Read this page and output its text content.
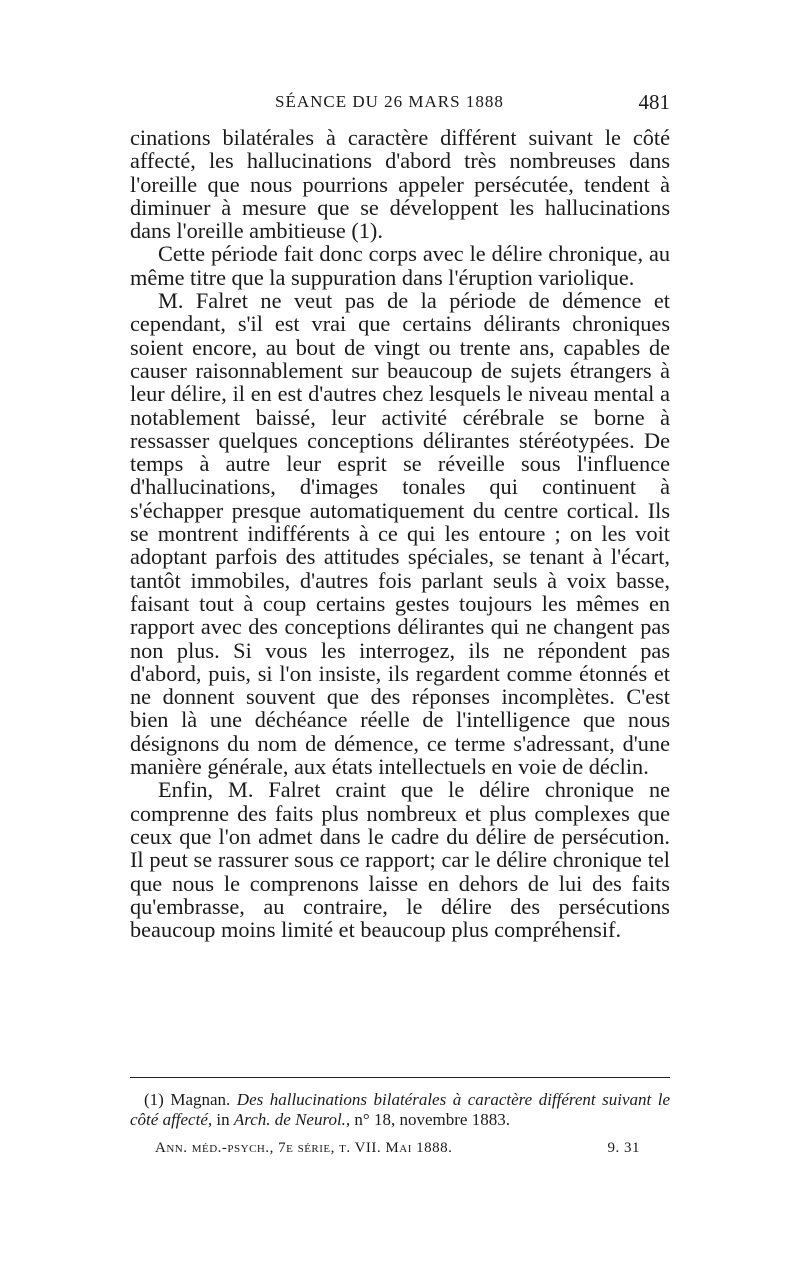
SÉANCE DU 26 MARS 1888	481

cinations bilatérales à caractère différent suivant le côté affecté, les hallucinations d'abord très nombreuses dans l'oreille que nous pourrions appeler persécutée, tendent à diminuer à mesure que se développent les hallucinations dans l'oreille ambitieuse (1).

Cette période fait donc corps avec le délire chronique, au même titre que la suppuration dans l'éruption variolique.

M. Falret ne veut pas de la période de démence et cependant, s'il est vrai que certains délirants chroniques soient encore, au bout de vingt ou trente ans, capables de causer raisonnablement sur beaucoup de sujets étrangers à leur délire, il en est d'autres chez lesquels le niveau mental a notablement baissé, leur activité cérébrale se borne à ressasser quelques conceptions délirantes stéréotypées. De temps à autre leur esprit se réveille sous l'influence d'hallucinations, d'images tonales qui continuent à s'échapper presque automatiquement du centre cortical. Ils se montrent indifférents à ce qui les entoure ; on les voit adoptant parfois des attitudes spéciales, se tenant à l'écart, tantôt immobiles, d'autres fois parlant seuls à voix basse, faisant tout à coup certains gestes toujours les mêmes en rapport avec des conceptions délirantes qui ne changent pas non plus. Si vous les interrogez, ils ne répondent pas d'abord, puis, si l'on insiste, ils regardent comme étonnés et ne donnent souvent que des réponses incomplètes. C'est bien là une déchéance réelle de l'intelligence que nous désignons du nom de démence, ce terme s'adressant, d'une manière générale, aux états intellectuels en voie de déclin.

Enfin, M. Falret craint que le délire chronique ne comprenne des faits plus nombreux et plus complexes que ceux que l'on admet dans le cadre du délire de persécution. Il peut se rassurer sous ce rapport; car le délire chronique tel que nous le comprenons laisse en dehors de lui des faits qu'embrasse, au contraire, le délire des persécutions beaucoup moins limité et beaucoup plus compréhensif.

(1) Magnan. Des hallucinations bilatérales à caractère différent suivant le côté affecté, in Arch. de Neurol., n° 18, novembre 1883.
Ann. méd.-psych., 7e série, t. VII. Mai 1888.	9. 31
